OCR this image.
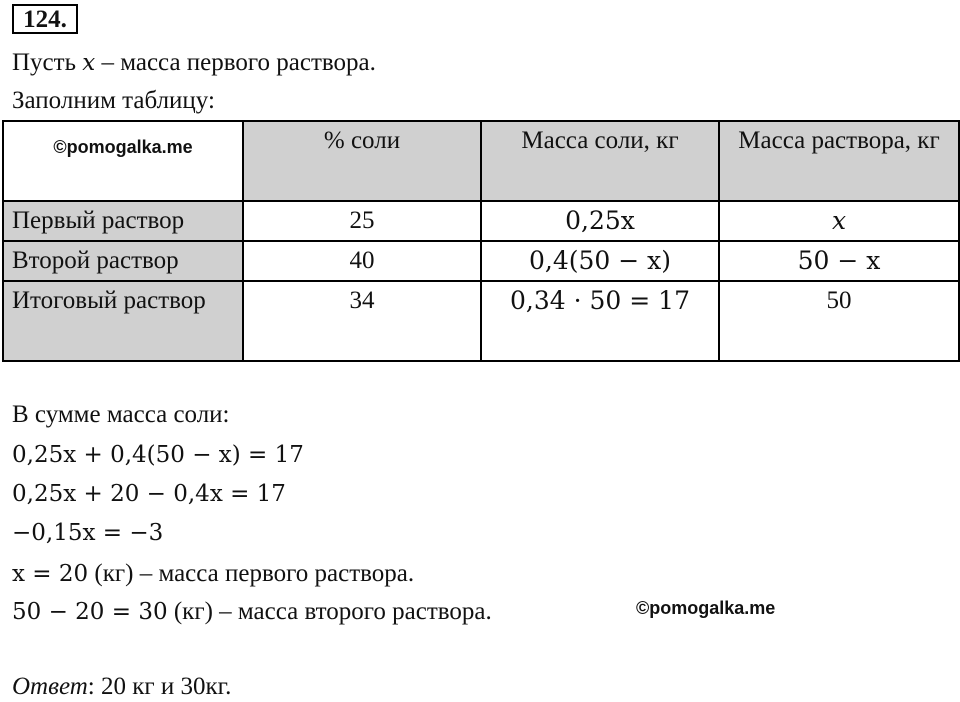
124.
Пусть x – масса первого раствора.
Заполним таблицу:
©pomogalka.me	% соли	Масса соли, кг	Масса раствора, кг
Первый раствор	25	0,25x	x
Второй раствор	40	0,4(50 − x)	50 − x
Итоговый раствор	34	0,34 · 50 = 17	50
В сумме масса соли:
0,25x + 0,4(50 − x) = 17
0,25x + 20 − 0,4x = 17
−0,15x = −3
x = 20 (кг) – масса первого раствора.
50 − 20 = 30 (кг) – масса второго раствора.	©pomogalka.me
Ответ: 20 кг и 30кг.
